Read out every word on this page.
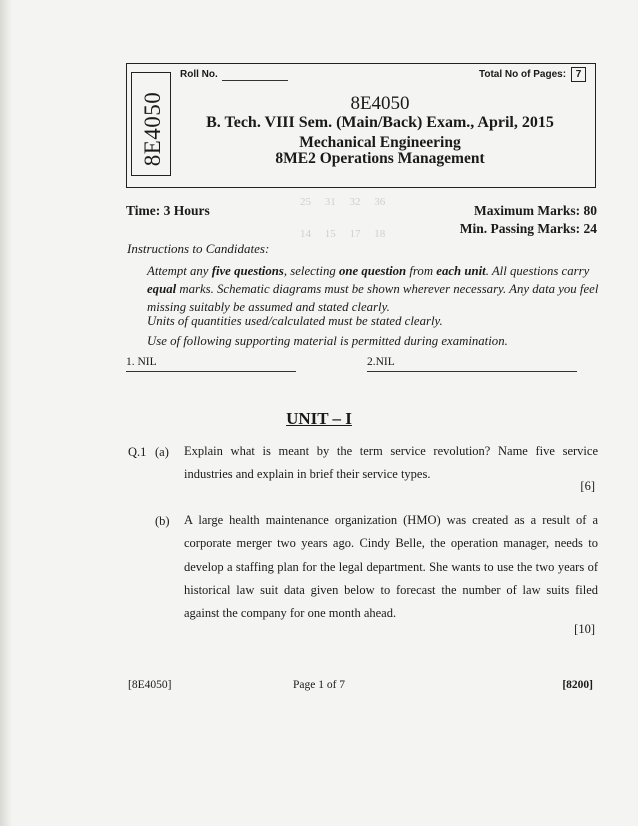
25     31     32     36
14     15     17     18
8E4050
Roll No.	Total No of Pages: 7
8E4050
B. Tech. VIII Sem. (Main/Back) Exam., April, 2015
Mechanical Engineering
8ME2 Operations Management
Time: 3 Hours	Maximum Marks: 80
Min. Passing Marks: 24
Instructions to Candidates:
Attempt any five questions, selecting one question from each unit. All questions carry equal marks. Schematic diagrams must be shown wherever necessary. Any data you feel missing suitably be assumed and stated clearly.
Units of quantities used/calculated must be stated clearly.
Use of following supporting material is permitted during examination.
1. NIL	2.NIL
UNIT – I
Q.1 (a) Explain what is meant by the term service revolution? Name five service industries and explain in brief their service types.
[6]
(b) A large health maintenance organization (HMO) was created as a result of a corporate merger two years ago. Cindy Belle, the operation manager, needs to develop a staffing plan for the legal department. She wants to use the two years of historical law suit data given below to forecast the number of law suits filed against the company for one month ahead.
[10]
[8E4050]	Page 1 of 7	[8200]
